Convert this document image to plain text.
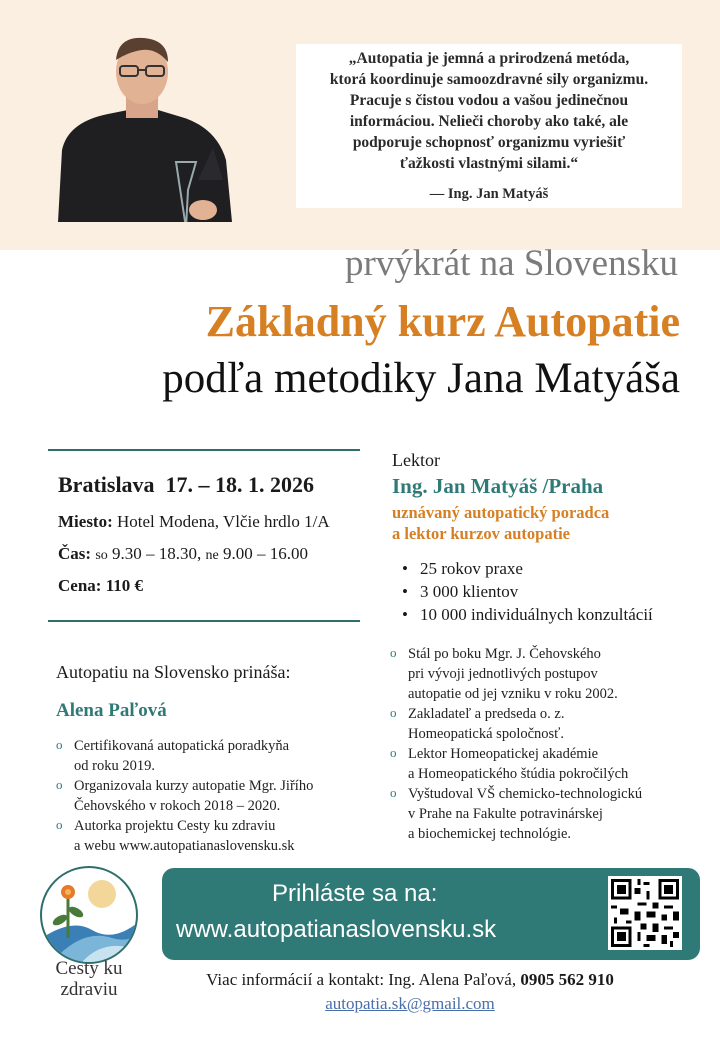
„Autopatia je jemná a prirodzená metóda,
ktorá koordinuje samoozdravné sily organizmu.
Pracuje s čistou vodou a vašou jedinečnou
informáciou. Nelieči choroby ako také, ale
podporuje schopnosť organizmu vyriešiť
ťažkosti vlastnými silami.“
— Ing. Jan Matyáš
prvýkrát na Slovensku
Základný kurz Autopatie
podľa metodiky Jana Matyáša
Bratislava  17. – 18. 1. 2026
Miesto: Hotel Modena, Vlčie hrdlo 1/A
Čas: so 9.30 – 18.30, ne 9.00 – 16.00
Cena: 110 €
Lektor
Ing. Jan Matyáš /Praha
uznávaný autopatický poradca
a lektor kurzov autopatie
• 25 rokov praxe
• 3 000 klientov
• 10 000 individuálnych konzultácií
o Stál po boku Mgr. J. Čehovského
pri vývoji jednotlivých postupov
autopatie od jej vzniku v roku 2002.
o Zakladateľ a predseda o. z.
Homeopatická spoločnosť.
o Lektor Homeopatickej akadémie
a Homeopatického štúdia pokročilých
o Vyštudoval VŠ chemicko-technologickú
v Prahe na Fakulte potravinárskej
a biochemickej technológie.
Autopatiu na Slovensko prináša:
Alena Paľová
o Certifikovaná autopatická poradkyňa
od roku 2019.
o Organizovala kurzy autopatie Mgr. Jiřího
Čehovského v rokoch 2018 – 2020.
o Autorka projektu Cesty ku zdraviu
a webu www.autopatianaslovensku.sk
Cesty ku
zdraviu
Prihláste sa na:
www.autopatianaslovensku.sk
Viac informácií a kontakt: Ing. Alena Paľová, 0905 562 910
autopatia.sk@gmail.com
